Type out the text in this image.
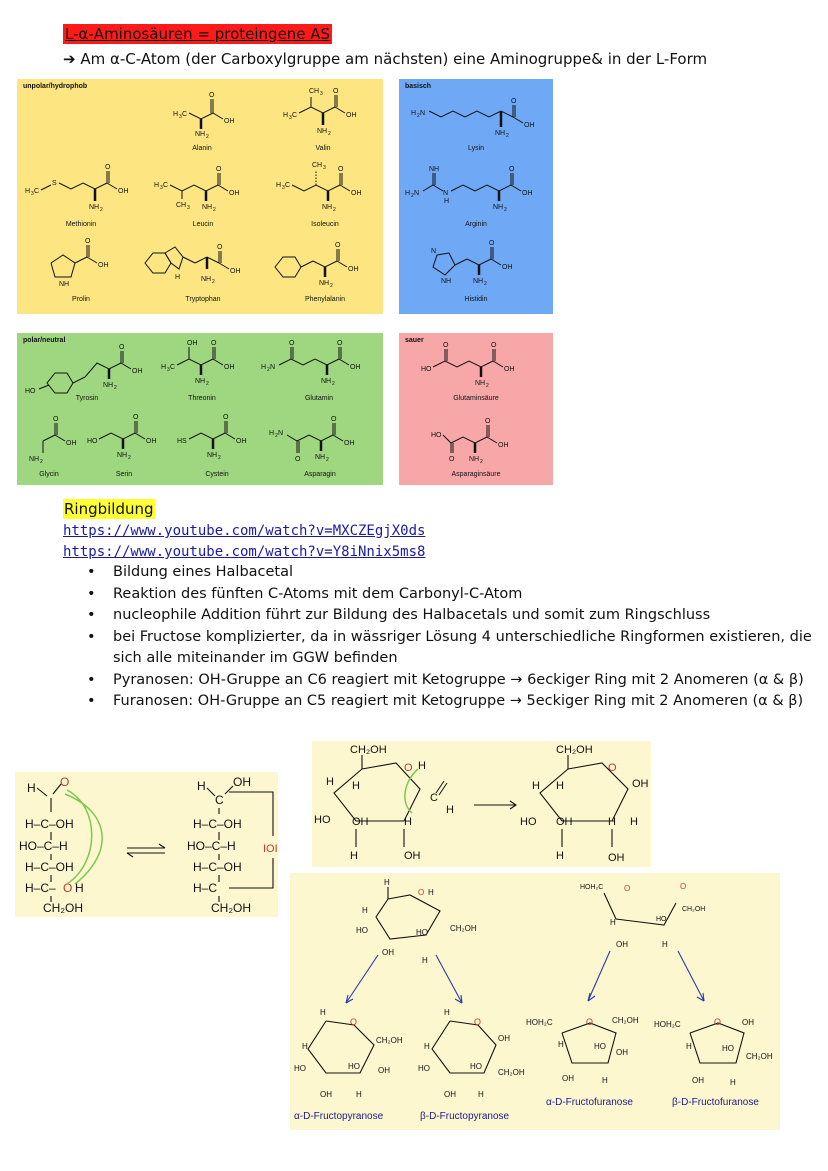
L-α-Aminosäuren = proteingene AS
➔ Am α-C-Atom (der Carboxylgruppe am nächsten) eine Aminogruppe& in der L-Form
unpolar/hydrophob
H 3 C
O
OH
NH 2
Alanin
CH 3
H 3 C
O
OH
NH 2
Valin
H 3 C
S
O
OH
NH 2
Methionin
H 3 C
CH 3
O
OH
NH 2
Leucin
CH 3
H 3 C
O
OH
NH 2
Isoleucin
O
OH
NH
Prolin
O
OH
NH 2
H
Tryptophan
O
OH
NH 2
Phenylalanin
basisch
H 2 N
O
OH
NH 2
Lysin
NH
H 2 N	N
O
OH
NH 2
H
Arginin
N
NH
O
OH
NH 2
Histidin
polar/neutral
HO
O
OH
NH 2
Tyrosin
OH
H 3 C
O
OH
NH 2
Threonin
H 2 N
O	O
OH
NH 2
Glutamin
O
OH
NH 2
Glycin
HO
O
OH
NH 2
Serin
HS
O
OH
NH 2
Cystein
H 2 N
O
O
OH
NH 2
Asparagin
sauer
HO
O	O
OH
NH 2
Glutaminsäure
HO
O
O
OH
NH 2
Asparaginsäure
Ringbildung
https://www.youtube.com/watch?v=MXCZEgjX0ds
https://www.youtube.com/watch?v=Y8iNnix5ms8
• Bildung eines Halbacetal
• Reaktion des fünften C-Atoms mit dem Carbonyl-C-Atom
• nucleophile Addition führt zur Bildung des Halbacetals und somit zum Ringschluss
• bei Fructose komplizierter, da in wässriger Lösung 4 unterschiedliche Ringformen existieren, die sich alle miteinander im GGW befinden
• Pyranosen: OH-Gruppe an C6 reagiert mit Ketogruppe → 6eckiger Ring mit 2 Anomeren (α & β)
• Furanosen: OH-Gruppe an C5 reagiert mit Ketogruppe → 5eckiger Ring mit 2 Anomeren (α & β)
H O
H–C–OH
HO–C–H
H–C–OH
H–C– O H
CH₂OH
H OH
C
H–C–OH
HO–C–H
H–C–OH
H–C
CH₂OH
IOI
CH₂OH
O H
C
H
H H
HO OH	H
H	OH
CH₂OH
O
OH
H H
HO OH	H H
H	OH
H
O H
H
HO
OH
HO	CH₂OH
H
HOH₂C	O	O
CH₂OH
H	HO
OH	H
O
CH₂OH
H
H
HO	HO OH
OH	H
O
OH
H
H
HO	HO
CH₂OH
OH	H
O
HOH₂C	CH₂OH
H	HO
OH
OH	H
O
HOH₂C	OH
H	HO
CH₂OH
OH	H
α-D-Fructopyranose	β-D-Fructopyranose
α-D-Fructofuranose	β-D-Fructofuranose
